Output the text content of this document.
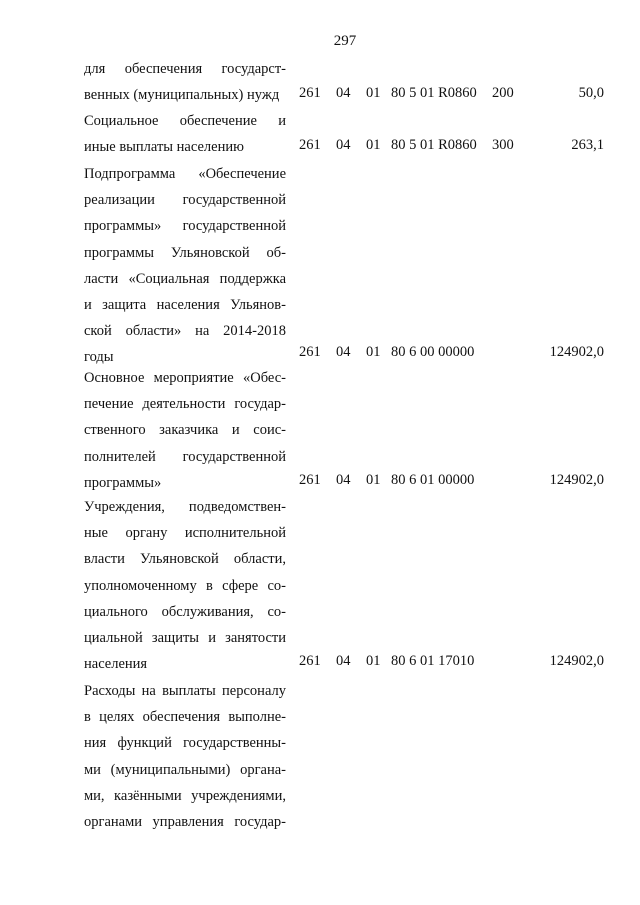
297
для обеспечения государст-
венных (муниципальных) нужд	261 04 01 80 5 01 R0860 200	50,0
Социальное обеспечение и
иные выплаты населению	261 04 01 80 5 01 R0860 300	263,1
Подпрограмма «Обеспечение
реализации государственной
программы» государственной
программы Ульяновской об-
ласти «Социальная поддержка
и защита населения Ульянов-
ской области» на 2014-2018
годы	261 04 01 80 6 00 00000	124902,0
Основное мероприятие «Обес-
печение деятельности государ-
ственного заказчика и соис-
полнителей государственной
программы»	261 04 01 80 6 01 00000	124902,0
Учреждения, подведомствен-
ные органу исполнительной
власти Ульяновской области,
уполномоченному в сфере со-
циального обслуживания, со-
циальной защиты и занятости
населения	261 04 01 80 6 01 17010	124902,0
Расходы на выплаты персоналу
в целях обеспечения выполне-
ния функций государственны-
ми (муниципальными) органа-
ми, казёнными учреждениями,
органами управления государ-
